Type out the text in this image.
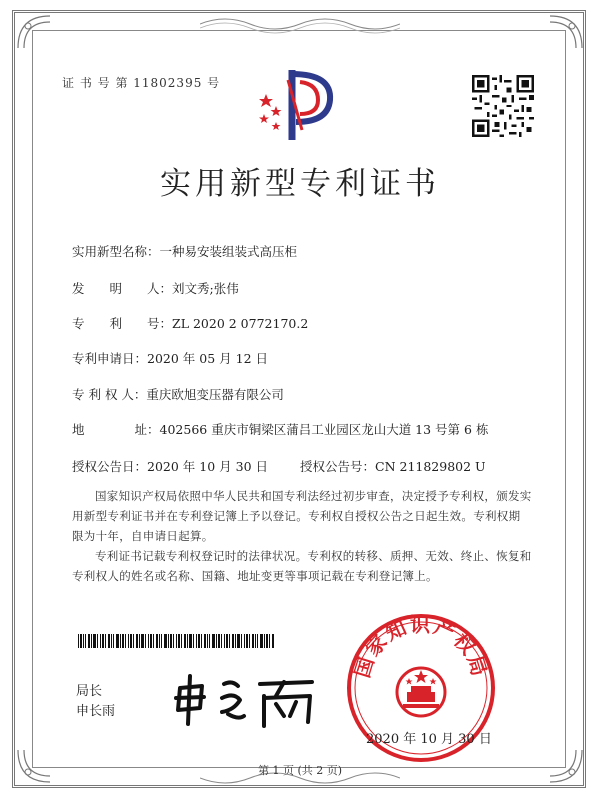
证 书 号 第 11802395 号
实用新型专利证书
实用新型名称：一种易安装组装式高压柜
发　　明　　人：刘文秀;张伟
专　　利　　号：ZL 2020 2 0772170.2
专利申请日：2020 年 05 月 12 日
专 利 权 人：重庆欧旭变压器有限公司
地　　　　址：402566 重庆市铜梁区蒲吕工业园区龙山大道 13 号第 6 栋
授权公告日：2020 年 10 月 30 日	授权公告号：CN 211829802 U
国家知识产权局依照中华人民共和国专利法经过初步审查，决定授予专利权，颁发实用新型专利证书并在专利登记簿上予以登记。专利权自授权公告之日起生效。专利权期限为十年，自申请日起算。
专利证书记载专利权登记时的法律状况。专利权的转移、质押、无效、终止、恢复和专利权人的姓名或名称、国籍、地址变更等事项记载在专利登记簿上。
局长
申长雨
国家知识产权局
2020 年 10 月 30 日
第 1 页 (共 2 页)
